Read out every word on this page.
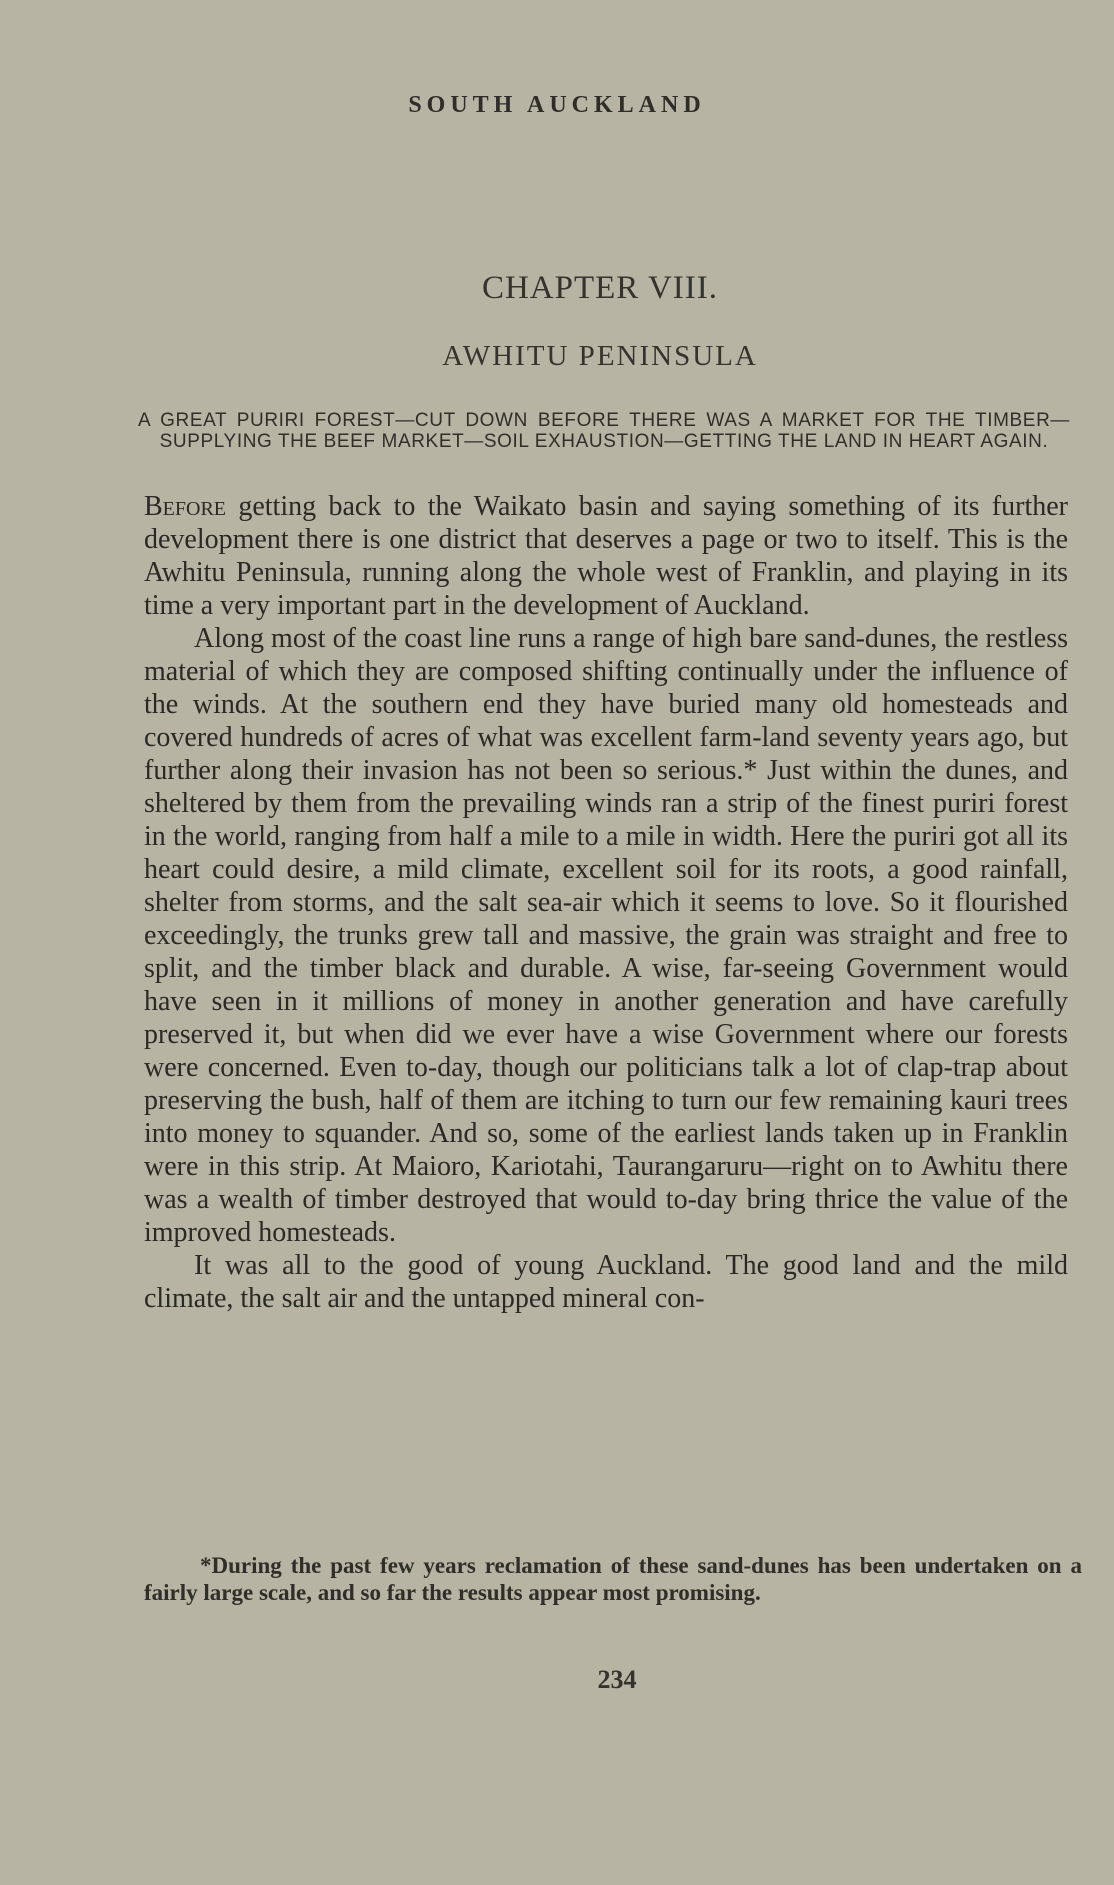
SOUTH AUCKLAND
CHAPTER VIII.
AWHITU PENINSULA
A GREAT PURIRI FOREST—CUT DOWN BEFORE THERE WAS A MARKET FOR THE TIMBER—SUPPLYING THE BEEF MARKET—SOIL EXHAUSTION—GETTING THE LAND IN HEART AGAIN.

Before getting back to the Waikato basin and saying something of its further development there is one district that deserves a page or two to itself. This is the Awhitu Peninsula, running along the whole west of Franklin, and playing in its time a very important part in the development of Auckland.

Along most of the coast line runs a range of high bare sand-dunes, the restless material of which they are composed shifting continually under the influence of the winds. At the southern end they have buried many old homesteads and covered hundreds of acres of what was excellent farm-land seventy years ago, but further along their invasion has not been so serious.* Just within the dunes, and sheltered by them from the prevailing winds ran a strip of the finest puriri forest in the world, ranging from half a mile to a mile in width. Here the puriri got all its heart could desire, a mild climate, excellent soil for its roots, a good rainfall, shelter from storms, and the salt sea-air which it seems to love. So it flourished exceedingly, the trunks grew tall and massive, the grain was straight and free to split, and the timber black and durable. A wise, far-seeing Government would have seen in it millions of money in another generation and have carefully preserved it, but when did we ever have a wise Government where our forests were concerned. Even to-day, though our politicians talk a lot of clap-trap about preserving the bush, half of them are itching to turn our few remaining kauri trees into money to squander. And so, some of the earliest lands taken up in Franklin were in this strip. At Maioro, Kariotahi, Taurangaruru—right on to Awhitu there was a wealth of timber destroyed that would to-day bring thrice the value of the improved homesteads.

It was all to the good of young Auckland. The good land and the mild climate, the salt air and the untapped mineral con-

*During the past few years reclamation of these sand-dunes has been undertaken on a fairly large scale, and so far the results appear most promising.
234
